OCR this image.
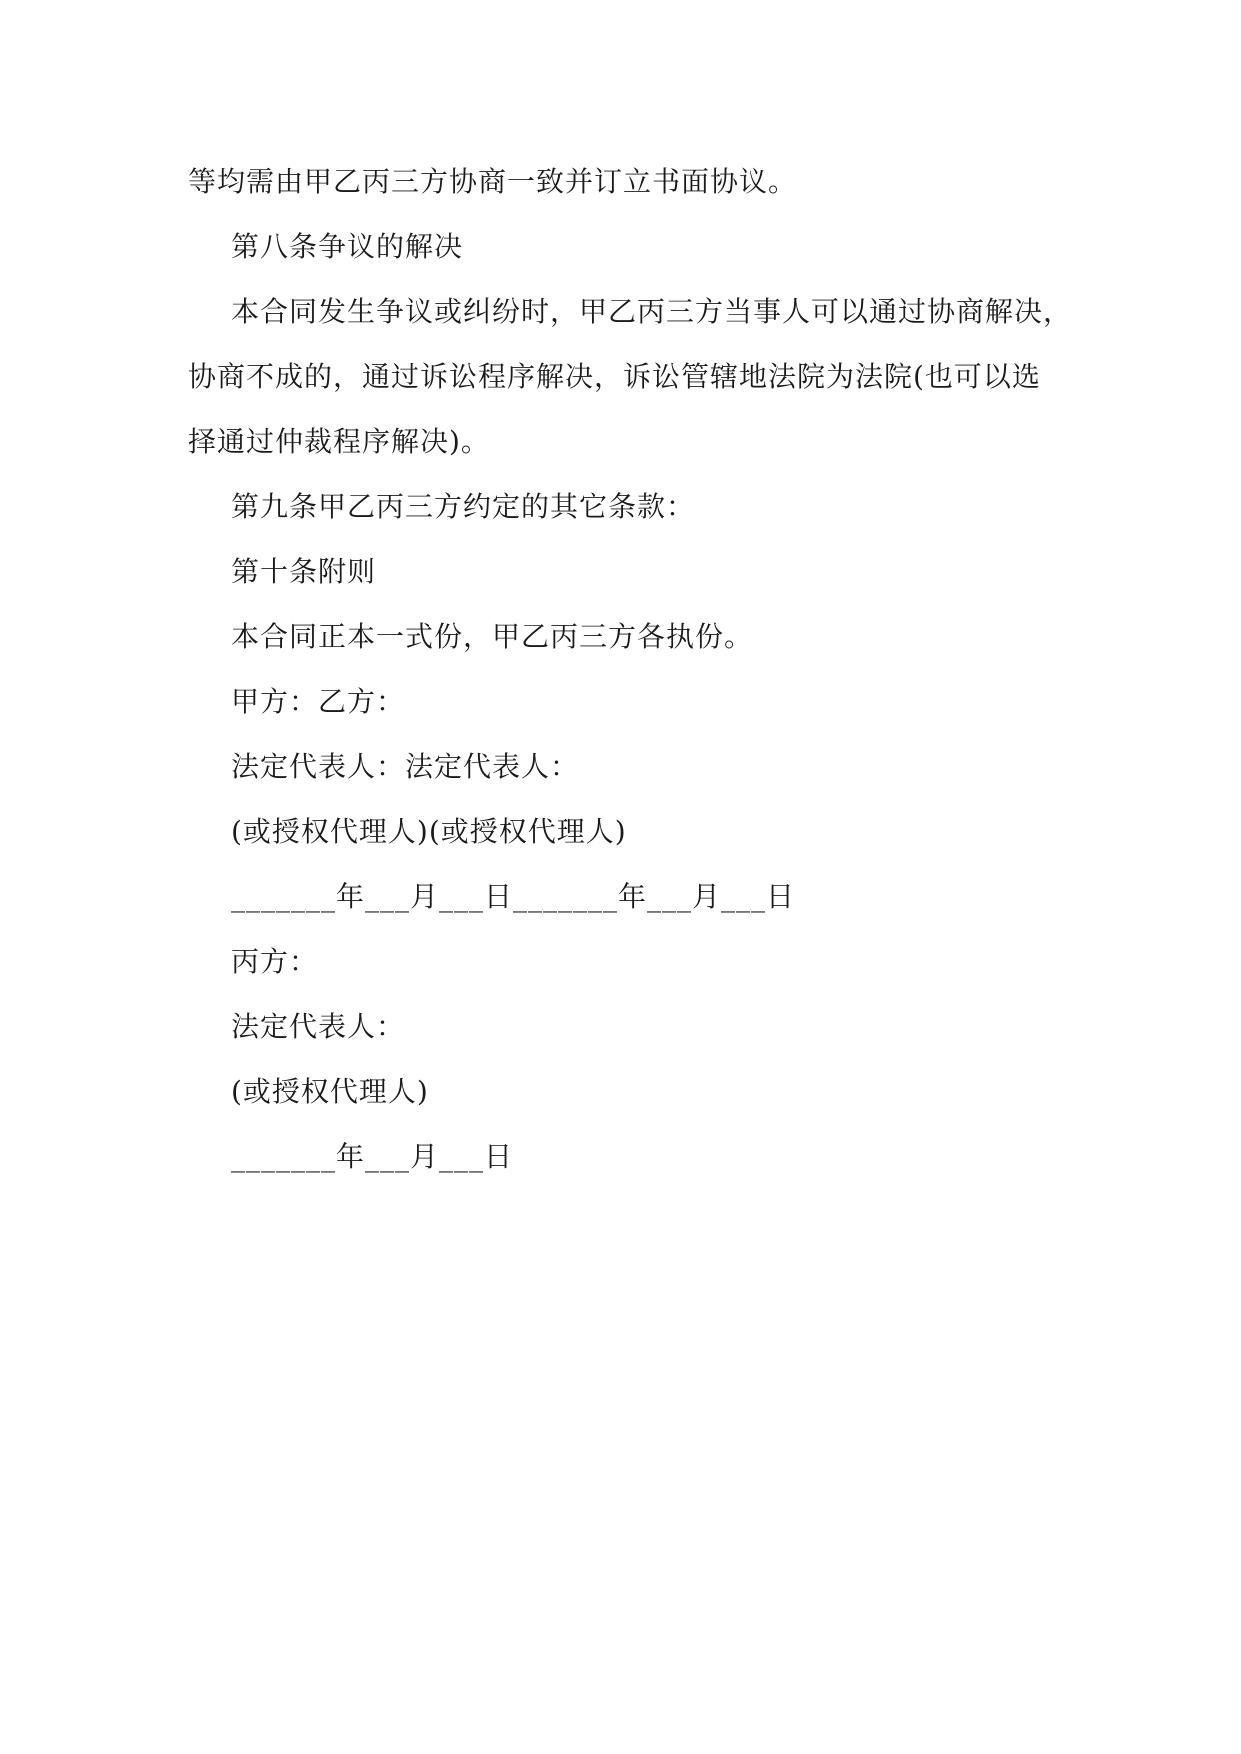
等均需由甲乙丙三方协商一致并订立书面协议。
第八条争议的解决
本合同发生争议或纠纷时，甲乙丙三方当事人可以通过协商解决，
协商不成的，通过诉讼程序解决，诉讼管辖地法院为法院(也可以选
择通过仲裁程序解决)。
第九条甲乙丙三方约定的其它条款：
第十条附则
本合同正本一式份，甲乙丙三方各执份。
甲方：乙方：
法定代表人：法定代表人：
(或授权代理人)(或授权代理人)
_______年___月___日_______年___月___日
丙方：
法定代表人：
(或授权代理人)
_______年___月___日
